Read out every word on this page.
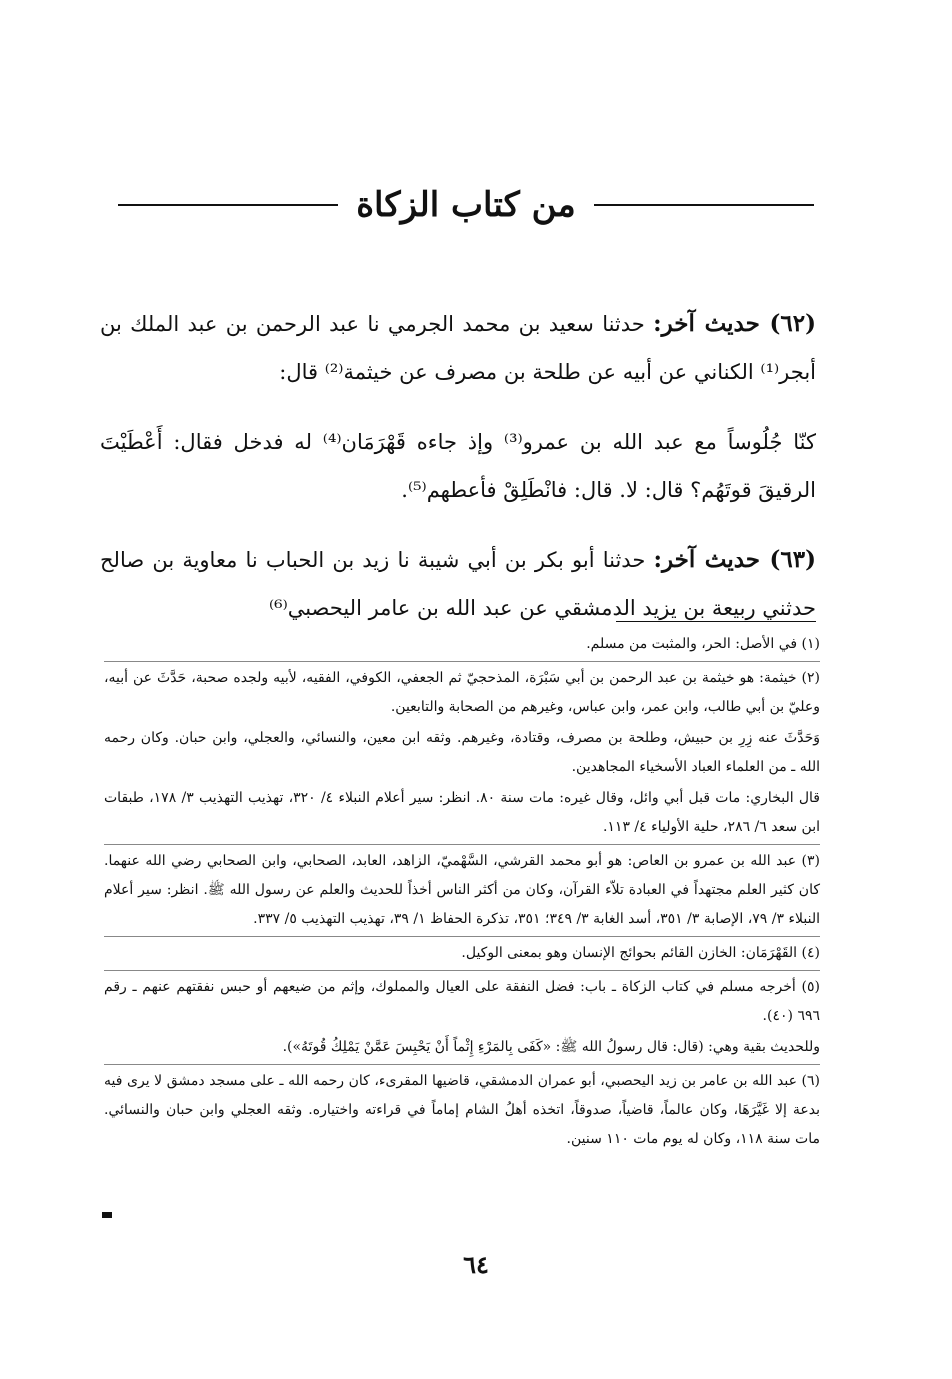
من كتاب الزكاة

(٦٢) حديث آخر: حدثنا سعيد بن محمد الجرمي نا عبد الرحمن بن عبد الملك بن أبجر⁽¹⁾ الكناني عن أبيه عن طلحة بن مصرف عن خيثمة⁽²⁾ قال:

كنّا جُلُوساً مع عبد الله بن عمرو⁽³⁾ وإذ جاءه قَهْرَمَان⁽⁴⁾ له فدخل فقال: أَعْطَيْتَ الرقيقَ قوتَهُم؟ قال: لا. قال: فانْطَلِقْ فأعطهم⁽⁵⁾.

(٦٣) حديث آخر: حدثنا أبو بكر بن أبي شيبة نا زيد بن الحباب نا معاوية بن صالح حدثني ربيعة بن يزيد الدمشقي عن عبد الله بن عامر اليحصبي⁽⁶⁾

(١) في الأصل: الحر، والمثبت من مسلم.

(٢) خيثمة: هو خيثمة بن عبد الرحمن بن أبي سَبْرَة، المذحجيّ ثم الجعفي، الكوفي، الفقيه، لأبيه ولجده صحبة، حَدَّثَ عن أبيه، وعليّ بن أبي طالب، وابن عمر، وابن عباس، وغيرهم من الصحابة والتابعين.

وَحَدَّثَ عنه زِرِ بن حبيش، وطلحة بن مصرف، وقتادة، وغيرهم. وثقه ابن معين، والنسائي، والعجلي، وابن حبان. وكان رحمه الله ـ من العلماء العباد الأسخياء المجاهدين.

قال البخاري: مات قبل أبي وائل، وقال غيره: مات سنة ٨٠. انظر: سير أعلام النبلاء ٤/ ٣٢٠، تهذيب التهذيب ٣/ ١٧٨، طبقات ابن سعد ٦/ ٢٨٦، حلية الأولياء ٤/ ١١٣.

(٣) عبد الله بن عمرو بن العاص: هو أبو محمد القرشي، السَّهْميّ، الزاهد، العابد، الصحابي، وابن الصحابي رضي الله عنهما. كان كثير العلم مجتهداً في العبادة تلاّء القرآن، وكان من أكثر الناس أخذاً للحديث والعلم عن رسول الله ﷺ. انظر: سير أعلام النبلاء ٣/ ٧٩، الإصابة ٣/ ٣٥١، أسد الغابة ٣/ ٣٤٩؛ ٣٥١، تذكرة الحفاظ ١/ ٣٩، تهذيب التهذيب ٥/ ٣٣٧.

(٤) القَهْرَمَان: الخازن القائم بحوائج الإنسان وهو بمعنى الوكيل.

(٥) أخرجه مسلم في كتاب الزكاة ـ باب: فضل النفقة على العيال والمملوك، وإثم من ضيعهم أو حبس نفقتهم عنهم ـ رقم ٦٩٦ (٤٠).

وللحديث بقية وهي: (قال: قال رسولُ الله ﷺ: «كَفَى بِالمَرْءِ إِثْماً أَنْ يَحْبِسَ عَمَّنْ يَمْلِكُ قُوتَهُ»).

(٦) عبد الله بن عامر بن زيد اليحصبي، أبو عمران الدمشقي، قاضيها المقرىء، كان رحمه الله ـ على مسجد دمشق لا يرى فيه بدعة إلا غَيَّرَهَا، وكان عالماً، قاضياً، صدوقاً، اتخذه أهلُ الشام إماماً في قراءته واختياره. وثقه العجلي وابن حبان والنسائي. مات سنة ١١٨، وكان له يوم مات ١١٠ سنين.

٦٤
